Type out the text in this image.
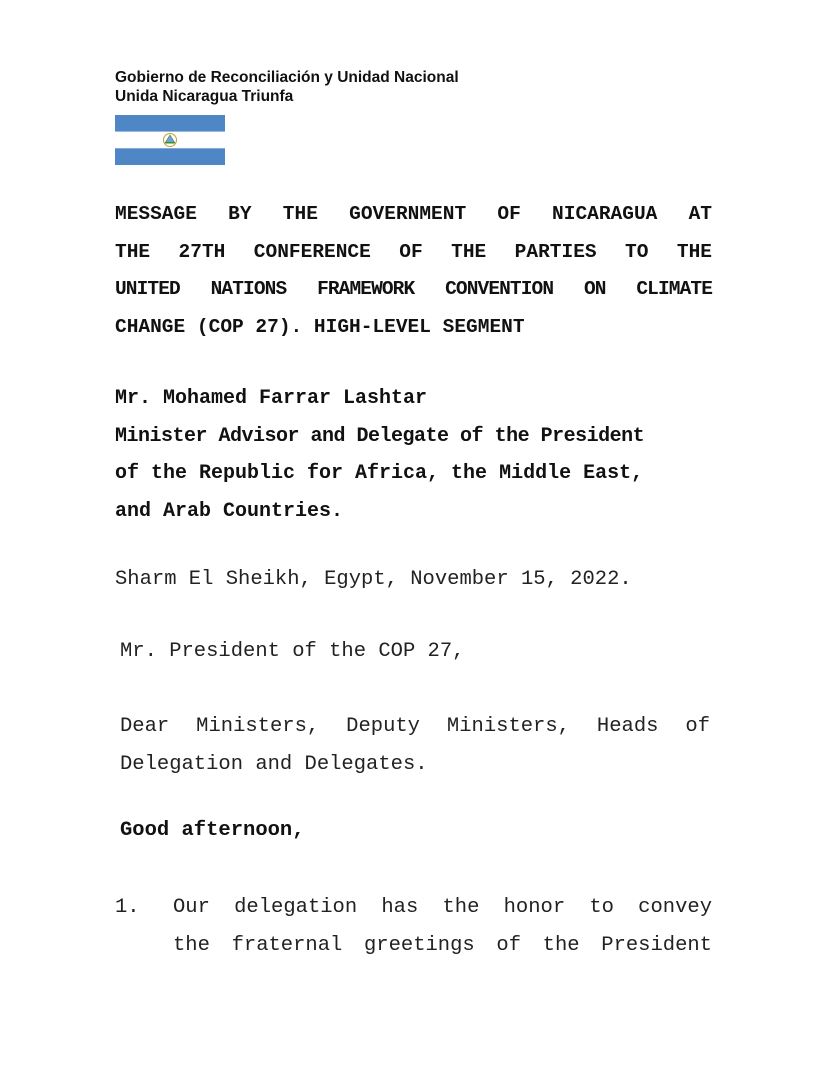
Gobierno de Reconciliación y Unidad Nacional
Unida Nicaragua Triunfa
MESSAGE BY THE GOVERNMENT OF NICARAGUA AT
THE 27TH CONFERENCE OF THE PARTIES TO THE
UNITED NATIONS FRAMEWORK CONVENTION ON CLIMATE
CHANGE (COP 27). HIGH-LEVEL SEGMENT
Mr. Mohamed Farrar Lashtar
Minister Advisor and Delegate of the President
of the Republic for Africa, the Middle East,
and Arab Countries.
Sharm El Sheikh, Egypt, November 15, 2022.
Mr. President of the COP 27,
Dear Ministers, Deputy Ministers, Heads of
Delegation and Delegates.
Good afternoon,
1. Our delegation has the honor to convey
the fraternal greetings of the President
